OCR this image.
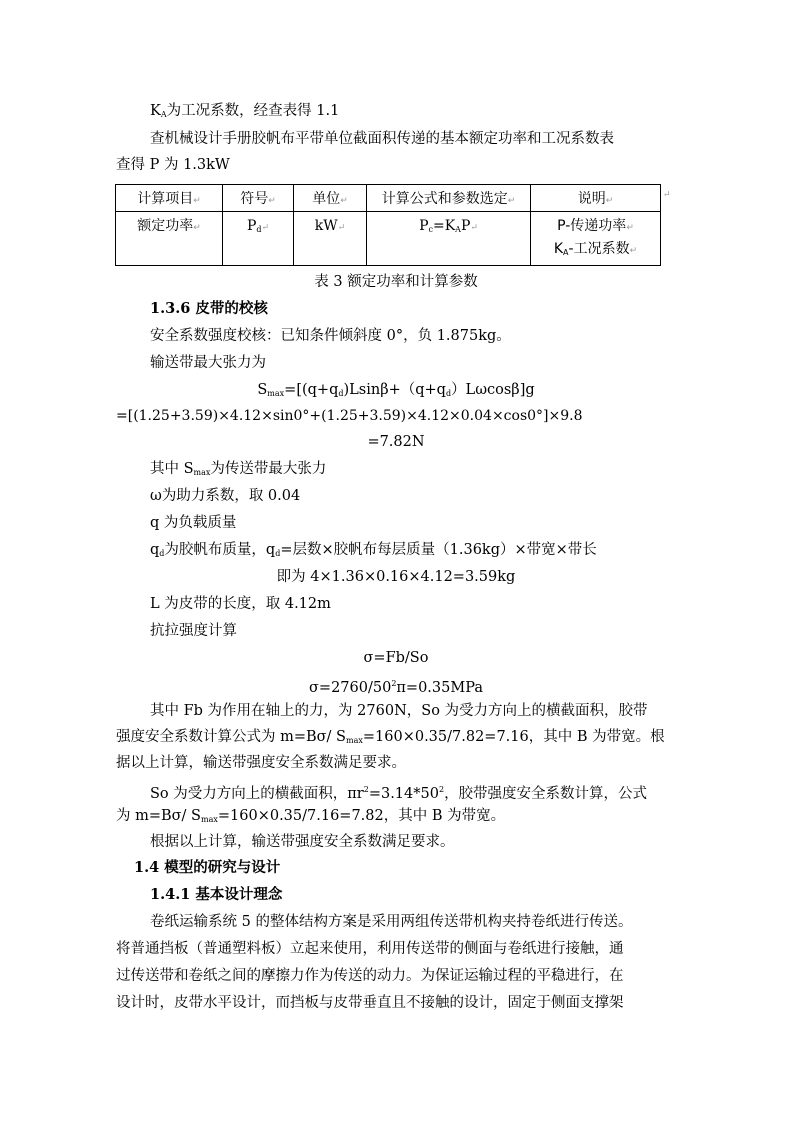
$K_A$为工况系数，经查表得 1.1
查机械设计手册胶帆布平带单位截面积传递的基本额定功率和工况系数表
查得 P 为 1.3kW
计算项目↵	符号↵	单位↵	计算公式和参数选定↵	说明↵
额定功率↵	$P_d↵$	kW↵	$P_c=K_AP↵$	P-传递功率↵
$K_A-$工况系数↵
↵
表 3 额定功率和计算参数
1.3.6 皮带的校核
安全系数强度校核：已知条件倾斜度 0°，负 1.875kg。
输送带最大张力为
$S_{max}=[(q+q_d)Lsin\beta+(q+q_d)L\omega\cos\beta]g$
=[(1.25+3.59)×4.12×sin0°+(1.25+3.59)×4.12×0.04×cos0°]×9.8
=7.82N
其中 $S_{max}$为传送带最大张力
ω为助力系数，取 0.04
q 为负载质量
$q_d$为胶帆布质量，$q_d=$层数×胶帆布每层质量（1.36kg）×带宽×带长
即为 4×1.36×0.16×4.12=3.59kg
L 为皮带的长度，取 4.12m
抗拉强度计算
σ=Fb/So
$\sigma=2760/50^2\pi=0.35MPa$
其中 Fb 为作用在轴上的力，为 2760N，So 为受力方向上的横截面积，胶带
强度安全系数计算公式为 m=Bσ/ $S_{max}=160\times 0.35/7.82=7.16$，其中 B 为带宽。根
据以上计算，输送带强度安全系数满足要求。
So 为受力方向上的横截面积，$\pi r^2=3.14*50^2$，胶带强度安全系数计算，公式
为 m=Bσ/ $S_{max}=160\times 0.35/7.16=7.82$，其中 B 为带宽。
根据以上计算，输送带强度安全系数满足要求。
1.4 模型的研究与设计
1.4.1 基本设计理念
卷纸运输系统 5 的整体结构方案是采用两组传送带机构夹持卷纸进行传送。
将普通挡板（普通塑料板）立起来使用，利用传送带的侧面与卷纸进行接触，通
过传送带和卷纸之间的摩擦力作为传送的动力。为保证运输过程的平稳进行，在
设计时，皮带水平设计，而挡板与皮带垂直且不接触的设计，固定于侧面支撑架
